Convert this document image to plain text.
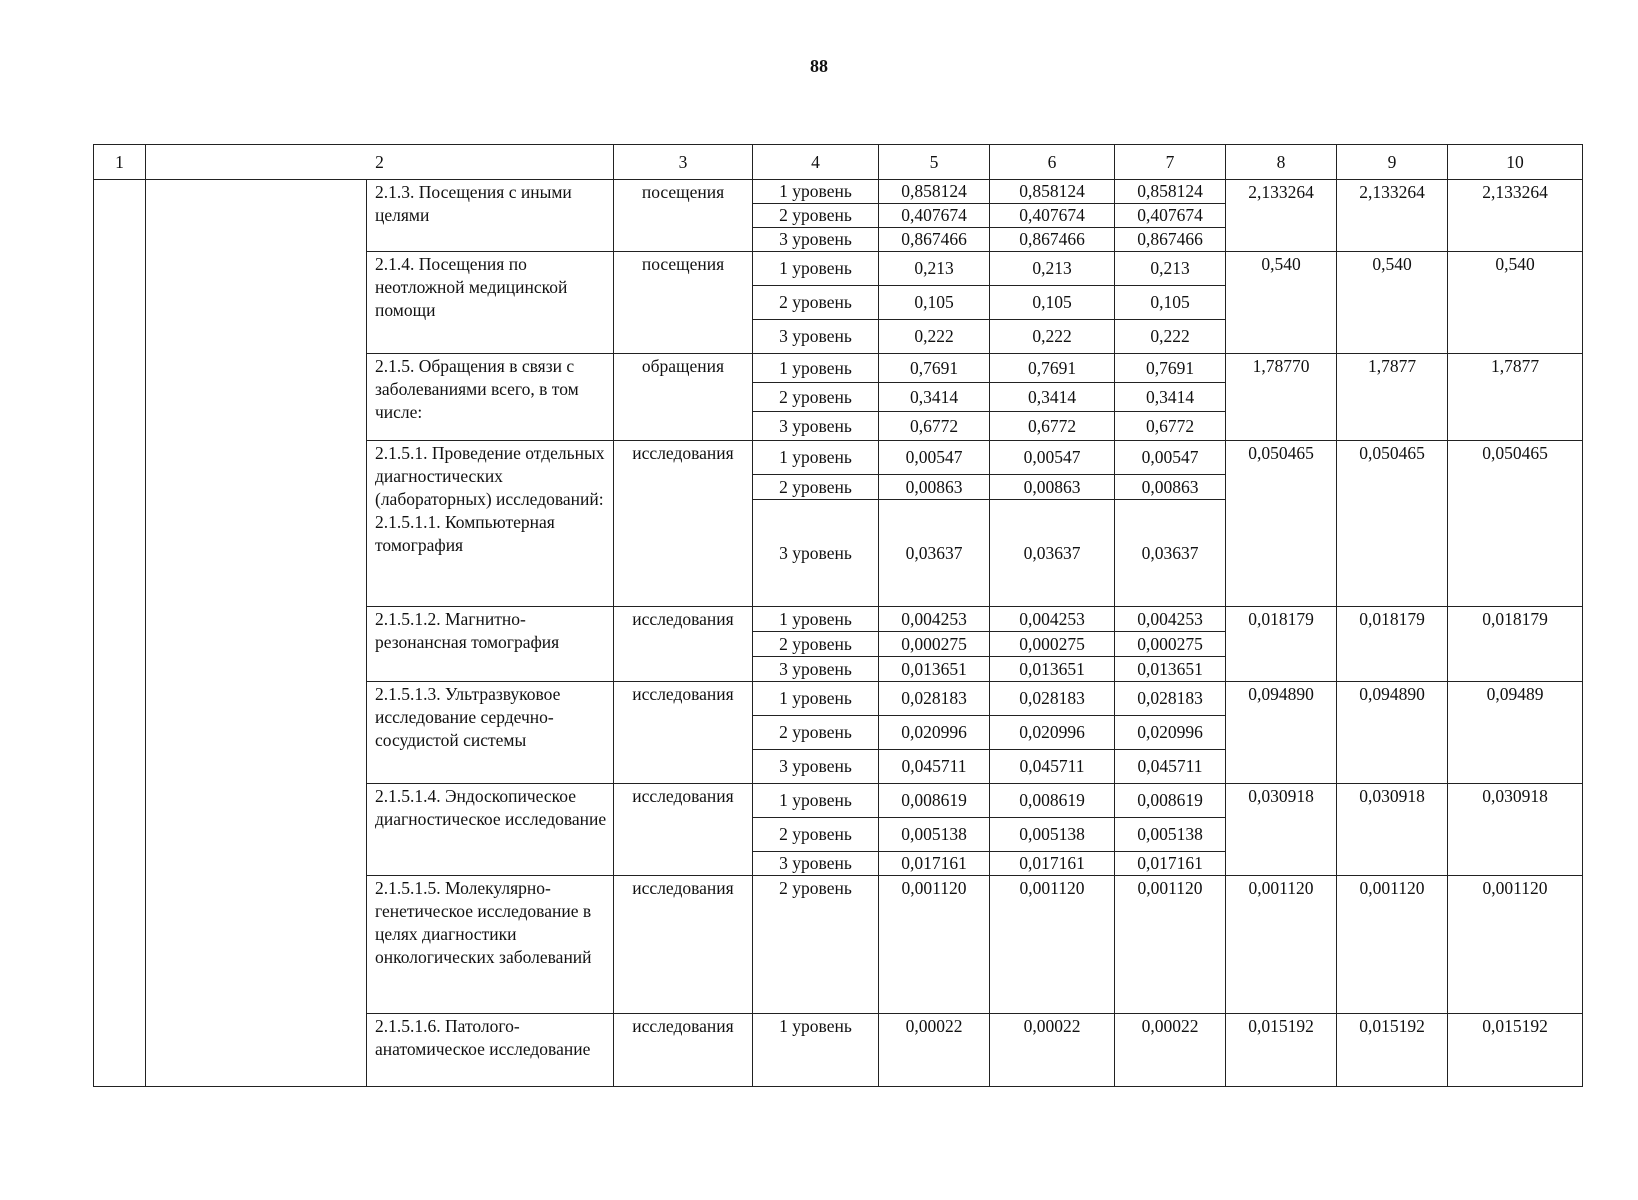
88
1	2		3	4	5	6	7	8	9	10
		2.1.3. Посещения с иными целями	посещения	1 уровень	0,858124	0,858124	0,858124	2,133264	2,133264	2,133264
				2 уровень	0,407674	0,407674	0,407674			
				3 уровень	0,867466	0,867466	0,867466			
		2.1.4. Посещения по неотложной медицинской помощи	посещения	1 уровень	0,213	0,213	0,213	0,540	0,540	0,540
				2 уровень	0,105	0,105	0,105			
				3 уровень	0,222	0,222	0,222			
		2.1.5. Обращения в связи с заболеваниями всего, в том числе:	обращения	1 уровень	0,7691	0,7691	0,7691	1,78770	1,7877	1,7877
				2 уровень	0,3414	0,3414	0,3414			
				3 уровень	0,6772	0,6772	0,6772			
		2.1.5.1. Проведение отдельных диагностических (лабораторных) исследований: 2.1.5.1.1. Компьютерная томография	исследования	1 уровень	0,00547	0,00547	0,00547	0,050465	0,050465	0,050465
				2 уровень	0,00863	0,00863	0,00863			
				3 уровень	0,03637	0,03637	0,03637			
		2.1.5.1.2. Магнитно-резонансная томография	исследования	1 уровень	0,004253	0,004253	0,004253	0,018179	0,018179	0,018179
				2 уровень	0,000275	0,000275	0,000275			
				3 уровень	0,013651	0,013651	0,013651			
		2.1.5.1.3. Ультразвуковое исследование сердечно-сосудистой системы	исследования	1 уровень	0,028183	0,028183	0,028183	0,094890	0,094890	0,09489
				2 уровень	0,020996	0,020996	0,020996			
				3 уровень	0,045711	0,045711	0,045711			
		2.1.5.1.4. Эндоскопическое диагностическое исследование	исследования	1 уровень	0,008619	0,008619	0,008619	0,030918	0,030918	0,030918
				2 уровень	0,005138	0,005138	0,005138			
				3 уровень	0,017161	0,017161	0,017161			
		2.1.5.1.5. Молекулярно-генетическое исследование в целях диагностики онкологических заболеваний	исследования	2 уровень	0,001120	0,001120	0,001120	0,001120	0,001120	0,001120
		2.1.5.1.6. Патолого-анатомическое исследование	исследования	1 уровень	0,00022	0,00022	0,00022	0,015192	0,015192	0,015192
